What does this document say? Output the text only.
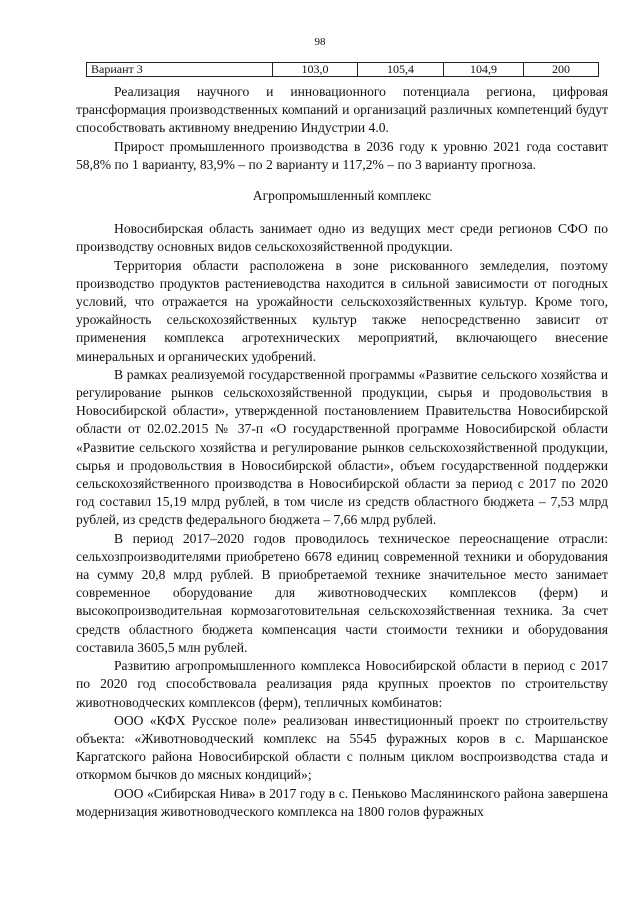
98
Вариант 3	103,0	105,4	104,9	200

Реализация научного и инновационного потенциала региона, цифровая трансформация производственных компаний и организаций различных компетенций будут способствовать активному внедрению Индустрии 4.0.

Прирост промышленного производства в 2036 году к уровню 2021 года составит 58,8% по 1 варианту, 83,9% – по 2 варианту и 117,2% – по 3 варианту прогноза.

Агропромышленный комплекс

Новосибирская область занимает одно из ведущих мест среди регионов СФО по производству основных видов сельскохозяйственной продукции.

Территория области расположена в зоне рискованного земледелия, поэтому производство продуктов растениеводства находится в сильной зависимости от погодных условий, что отражается на урожайности сельскохозяйственных культур. Кроме того, урожайность сельскохозяйственных культур также непосредственно зависит от применения комплекса агротехнических мероприятий, включающего внесение минеральных и органических удобрений.

В рамках реализуемой государственной программы «Развитие сельского хозяйства и регулирование рынков сельскохозяйственной продукции, сырья и продовольствия в Новосибирской области», утвержденной постановлением Правительства Новосибирской области от 02.02.2015 № 37-п «О государственной программе Новосибирской области «Развитие сельского хозяйства и регулирование рынков сельскохозяйственной продукции, сырья и продовольствия в Новосибирской области», объем государственной поддержки сельскохозяйственного производства в Новосибирской области за период с 2017 по 2020 год составил 15,19 млрд рублей, в том числе из средств областного бюджета – 7,53 млрд рублей, из средств федерального бюджета – 7,66 млрд рублей.

В период 2017–2020 годов проводилось техническое переоснащение отрасли: сельхозпроизводителями приобретено 6678 единиц современной техники и оборудования на сумму 20,8 млрд рублей. В приобретаемой технике значительное место занимает современное оборудование для животноводческих комплексов (ферм) и высокопроизводительная кормозаготовительная сельскохозяйственная техника. За счет средств областного бюджета компенсация части стоимости техники и оборудования составила 3605,5 млн рублей.

Развитию агропромышленного комплекса Новосибирской области в период с 2017 по 2020 год способствовала реализация ряда крупных проектов по строительству животноводческих комплексов (ферм), тепличных комбинатов:

ООО «КФХ Русское поле» реализован инвестиционный проект по строительству объекта: «Животноводческий комплекс на 5545 фуражных коров в с. Маршанское Каргатского района Новосибирской области с полным циклом воспроизводства стада и откормом бычков до мясных кондиций»;

ООО «Сибирская Нива» в 2017 году в с. Пеньково Маслянинского района завершена модернизация животноводческого комплекса на 1800 голов фуражных
